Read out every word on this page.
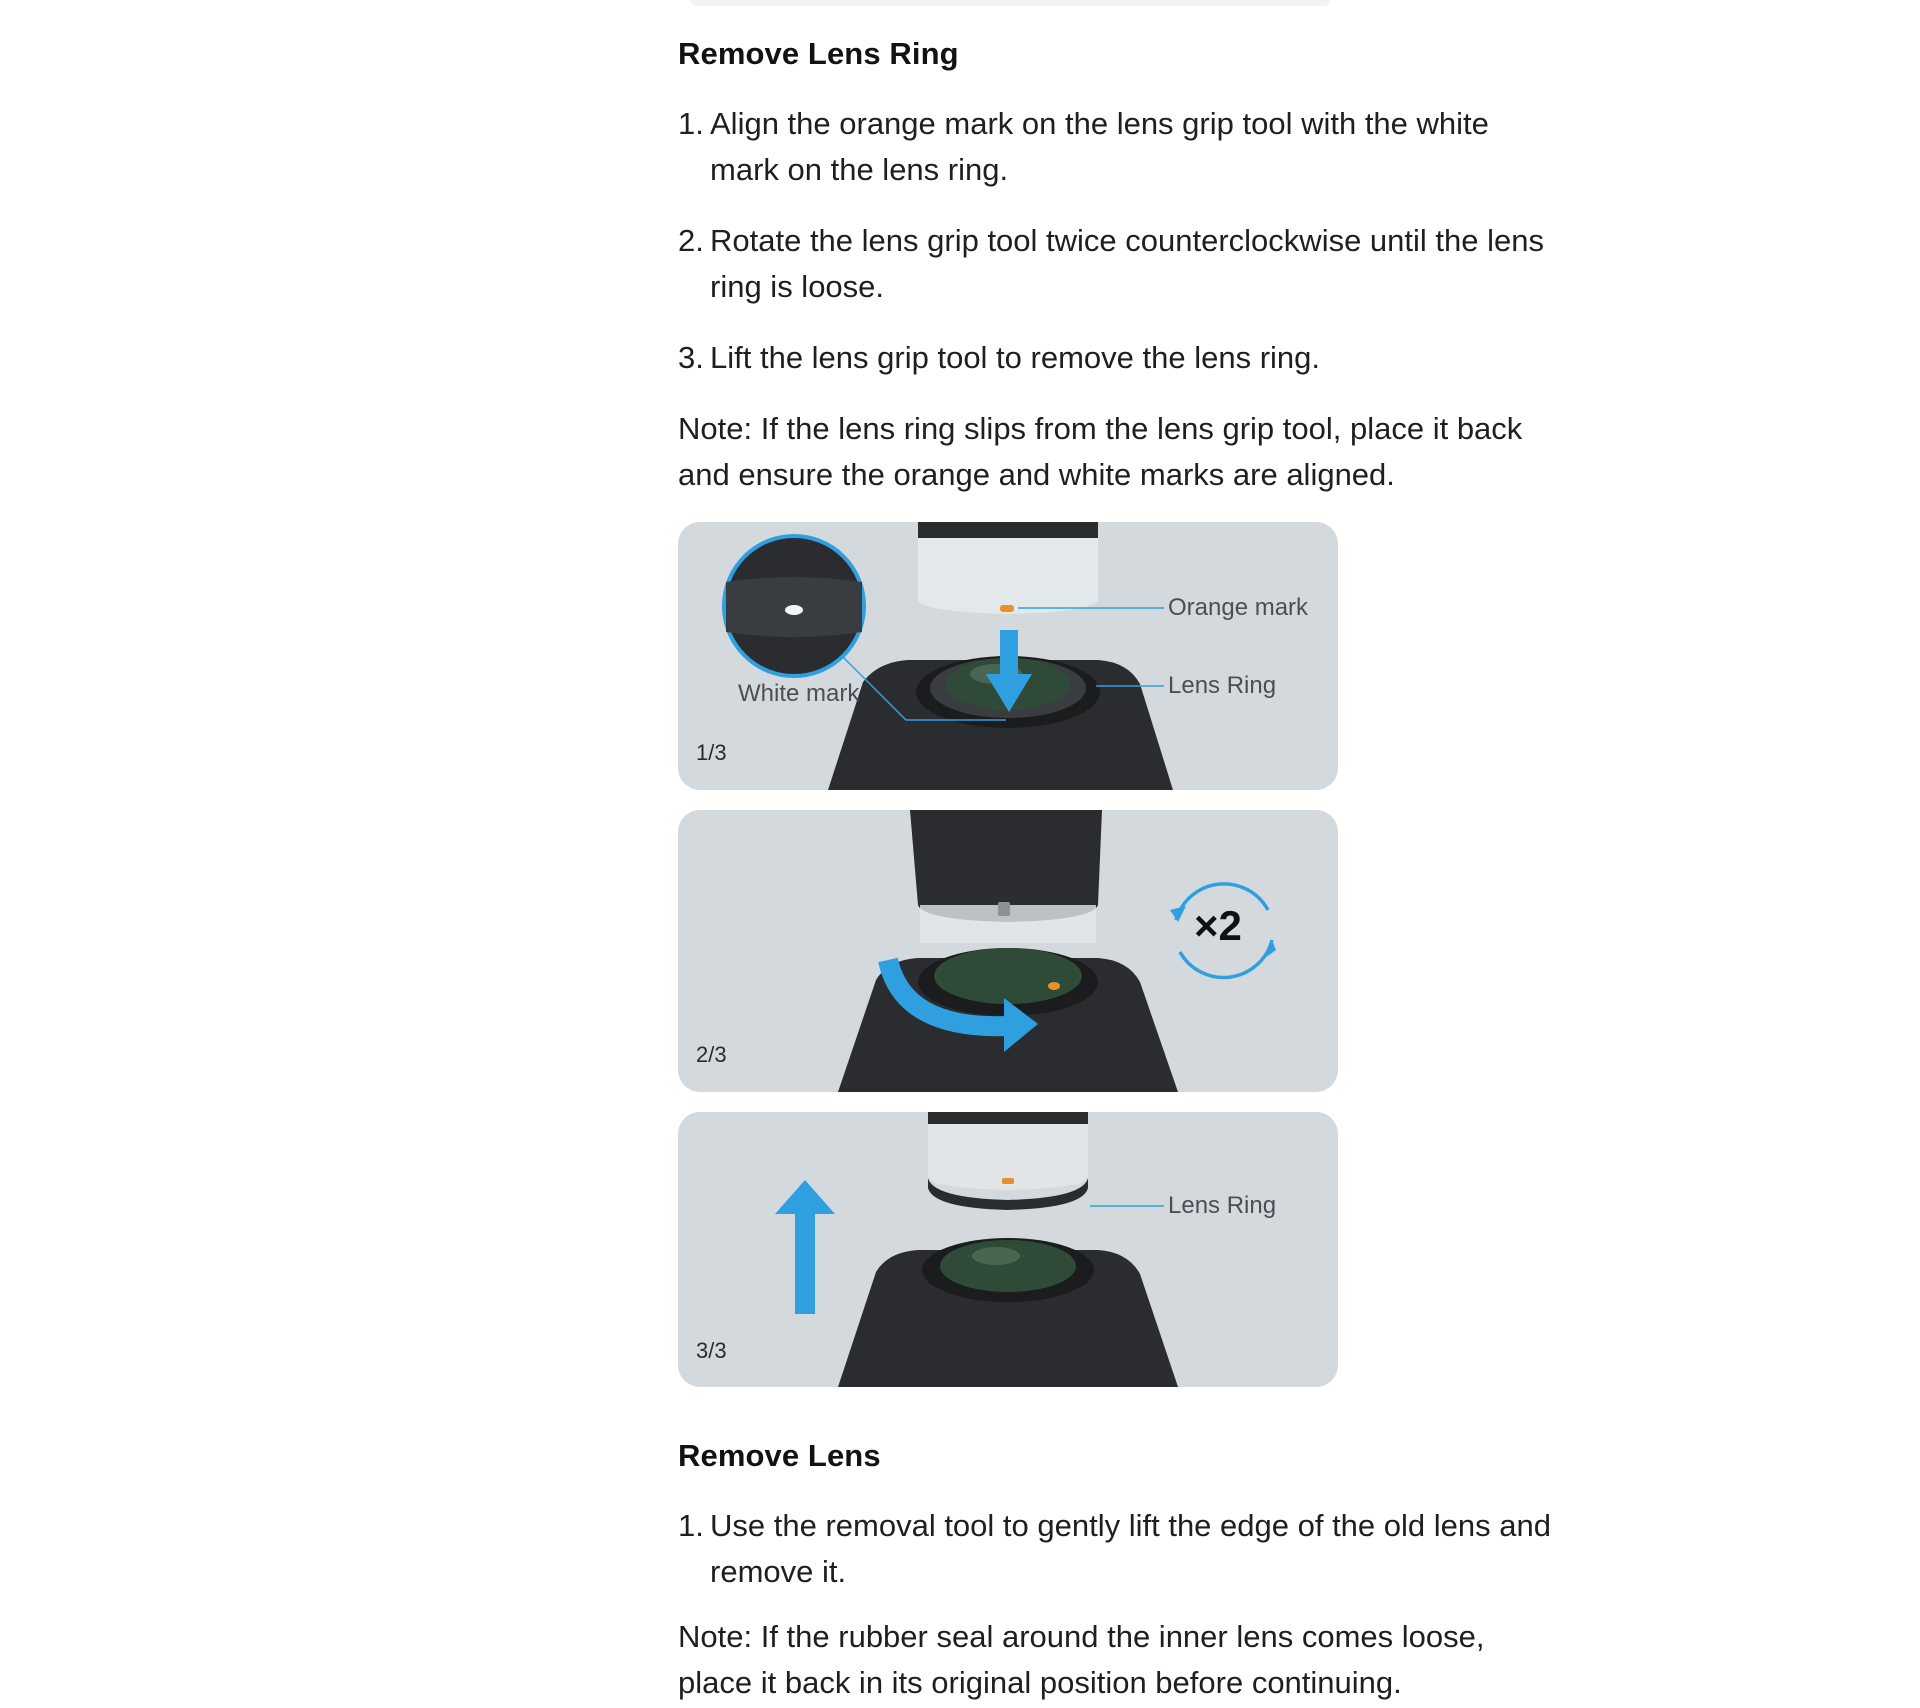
Remove Lens Ring
1. Align the orange mark on the lens grip tool with the white mark on the lens ring.
2. Rotate the lens grip tool twice counterclockwise until the lens ring is loose.
3. Lift the lens grip tool to remove the lens ring.

Note: If the lens ring slips from the lens grip tool, place it back and ensure the orange and white marks are aligned.

Orange mark
Lens Ring
White mark
1/3
×2
2/3
Lens Ring
3/3
Remove Lens
1. Use the removal tool to gently lift the edge of the old lens and remove it.

Note: If the rubber seal around the inner lens comes loose, place it back in its original position before continuing.
